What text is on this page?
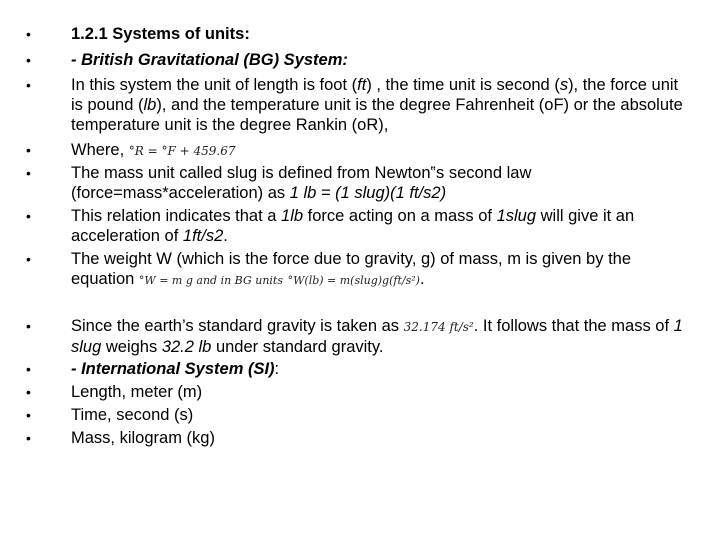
•	1.2.1 Systems of units:
•	- British Gravitational (BG) System:
•	In this system the unit of length is foot (ft) , the time unit is second (s), the force unit is pound (lb), and the temperature unit is the degree Fahrenheit (oF) or the absolute temperature unit is the degree Rankin (oR),
•	Where, °R = °F + 459.67
•	The mass unit called slug is defined from Newton‟s second law (force=mass*acceleration) as 1 lb = (1 slug)(1 ft/s2)
•	This relation indicates that a 1lb force acting on a mass of 1slug will give it an acceleration of 1ft/s2.
•	The weight W (which is the force due to gravity, g) of mass, m is given by the equation °W = m g and in BG units °W(lb) = m(slug)g(ft/s²).
•	Since the earth’s standard gravity is taken as 32.174 ft/s². It follows that the mass of 1 slug weighs 32.2 lb under standard gravity.
•	- International System (SI):
•	Length, meter (m)
•	Time, second (s)
•	Mass, kilogram (kg)
